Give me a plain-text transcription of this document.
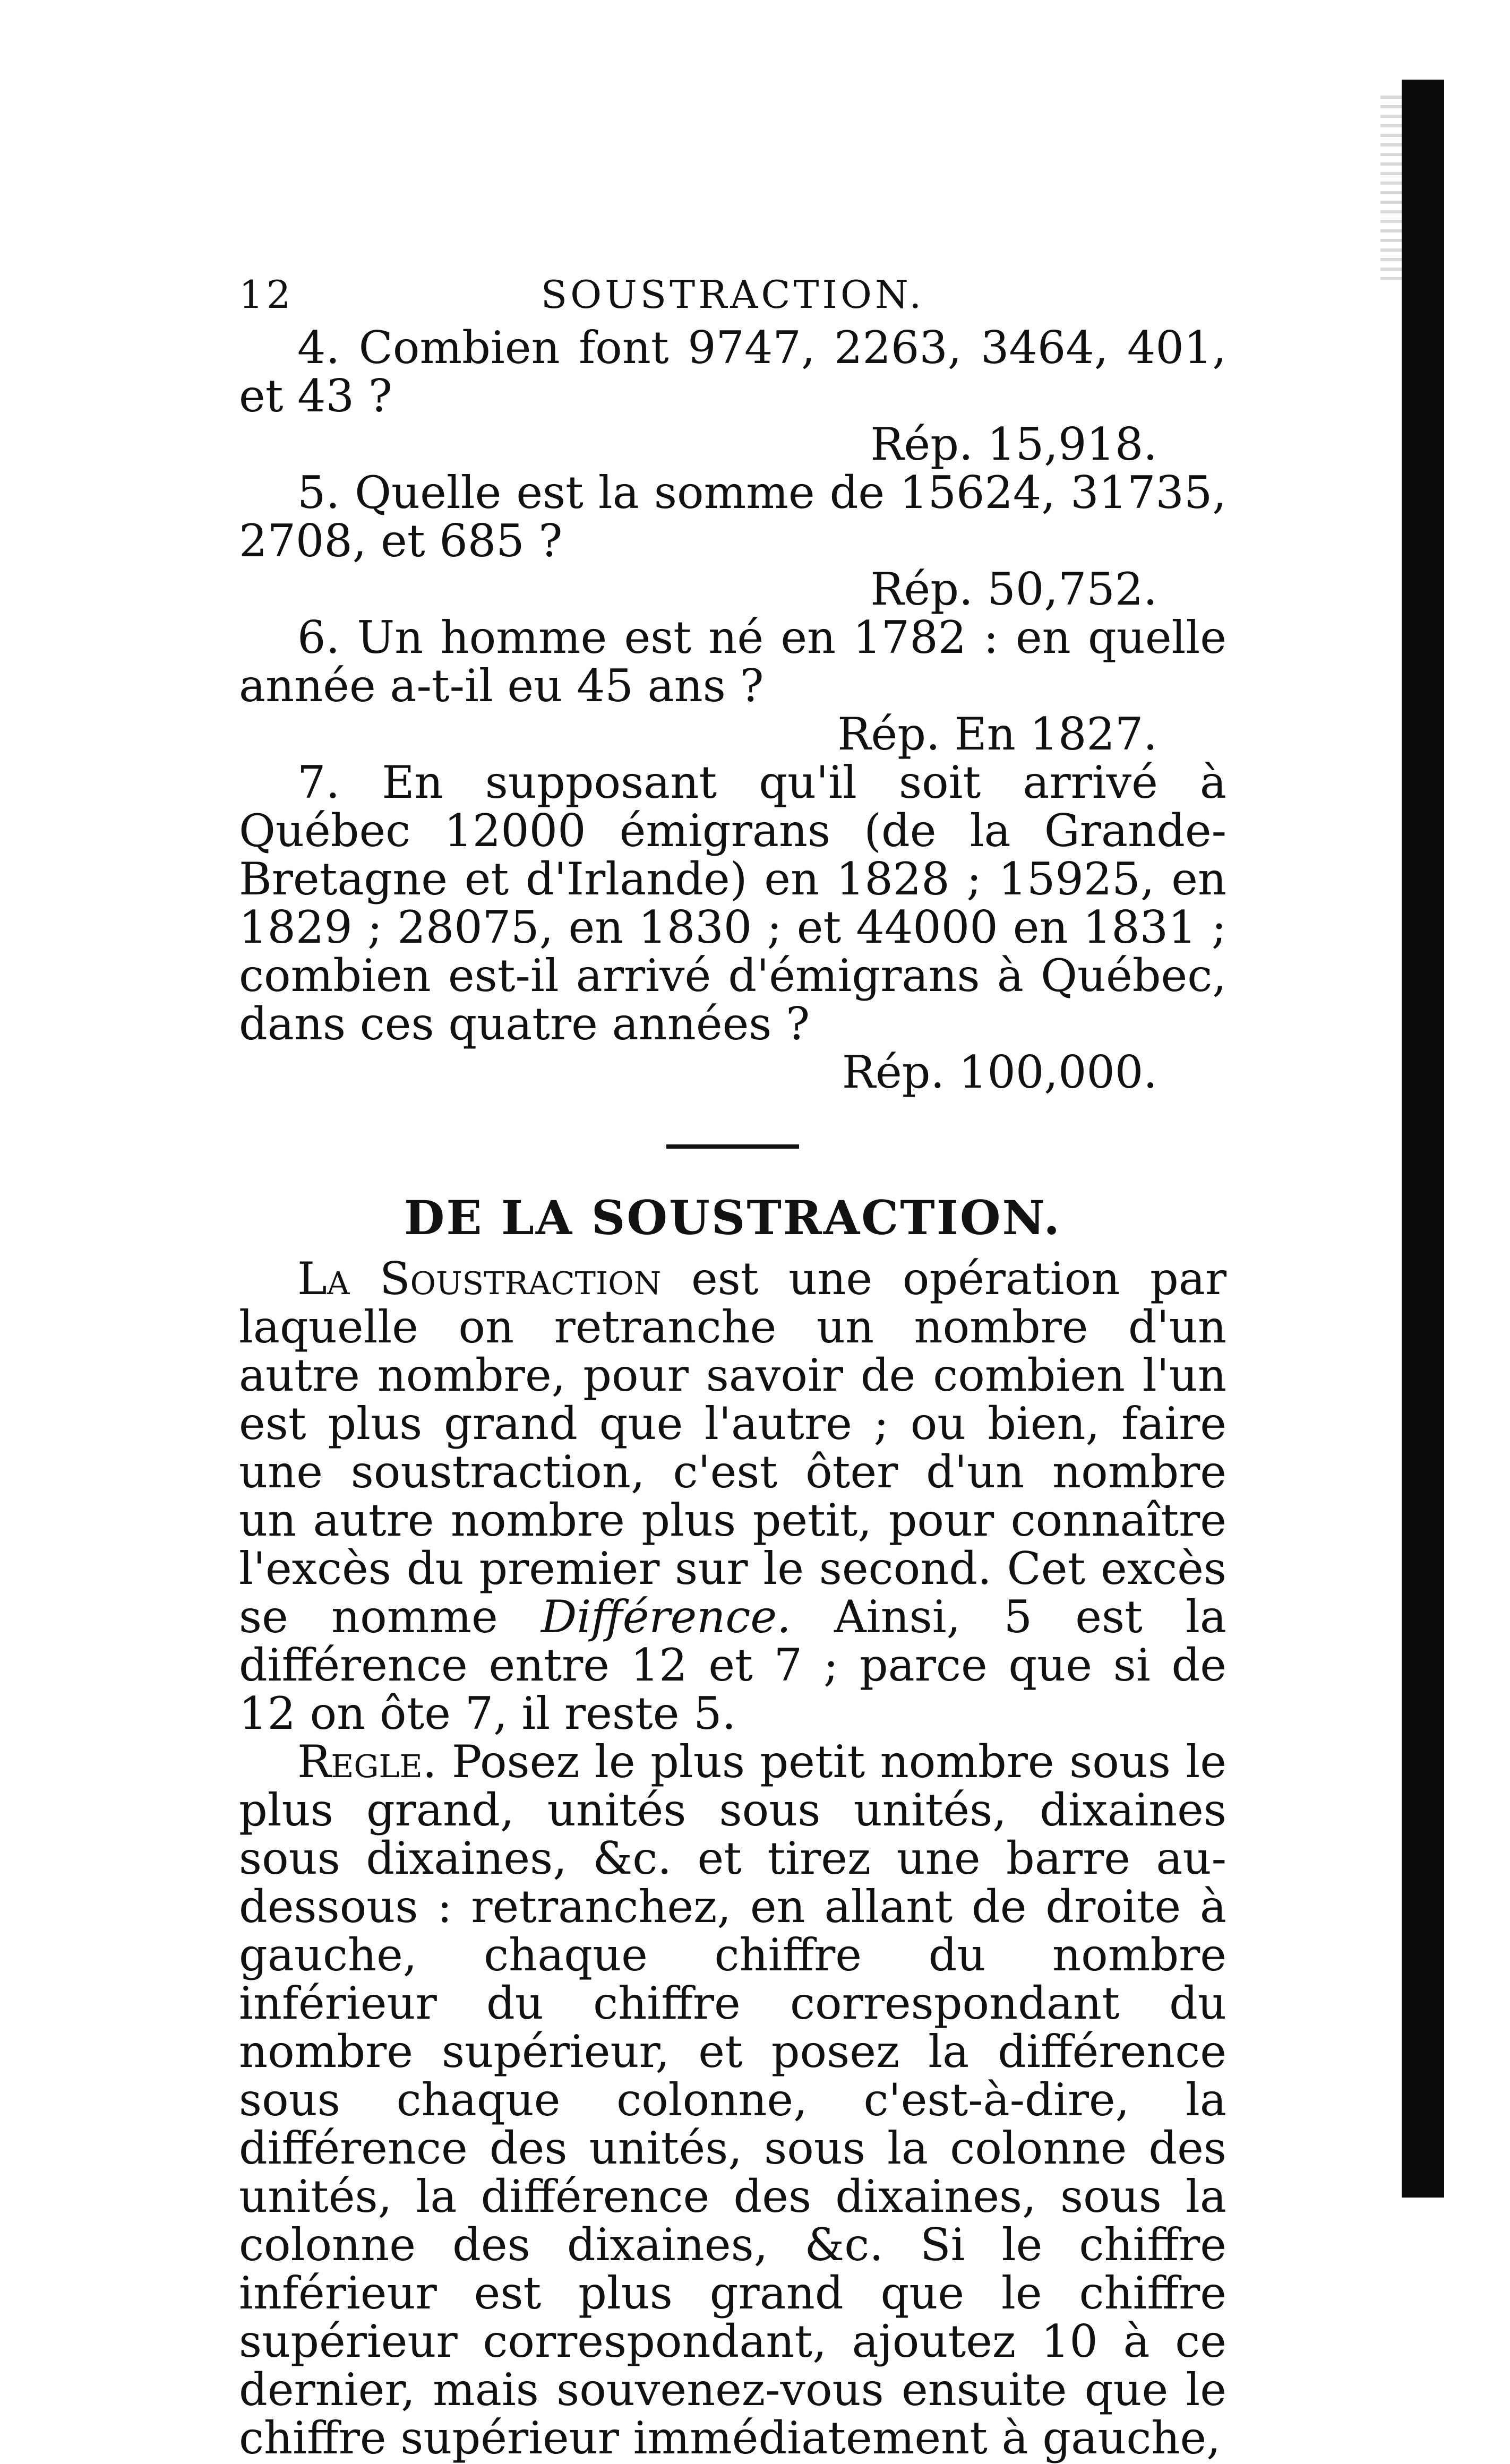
12	SOUSTRACTION.

4. Combien font 9747, 2263, 3464, 401, et 43 ?

Rép. 15,918.

5. Quelle est la somme de 15624, 31735, 2708, et 685 ?

Rép. 50,752.

6. Un homme est né en 1782 : en quelle année a-t-il eu 45 ans ?

Rép. En 1827.

7. En supposant qu'il soit arrivé à Québec 12000 émigrans (de la Grande-Bretagne et d'Irlande) en 1828 ; 15925, en 1829 ; 28075, en 1830 ; et 44000 en 1831 ; combien est-il arrivé d'émigrans à Québec, dans ces quatre années ?

Rép. 100,000.

DE LA SOUSTRACTION.

La Soustraction est une opération par laquelle on retranche un nombre d'un autre nombre, pour savoir de combien l'un est plus grand que l'autre ; ou bien, faire une soustraction, c'est ôter d'un nombre un autre nombre plus petit, pour connaître l'excès du premier sur le second. Cet excès se nomme Différence. Ainsi, 5 est la différence entre 12 et 7 ; parce que si de 12 on ôte 7, il reste 5.

Regle. Posez le plus petit nombre sous le plus grand, unités sous unités, dixaines sous dixaines, &c. et tirez une barre au-dessous : retranchez, en allant de droite à gauche, chaque chiffre du nombre inférieur du chiffre correspondant du nombre supérieur, et posez la différence sous chaque colonne, c'est-à-dire, la différence des unités, sous la colonne des unités, la différence des dixaines, sous la colonne des dixaines, &c. Si le chiffre inférieur est plus grand que le chiffre supérieur correspondant, ajoutez 10 à ce dernier, mais souvenez-vous ensuite que le chiffre supérieur immédiatement à gauche,
